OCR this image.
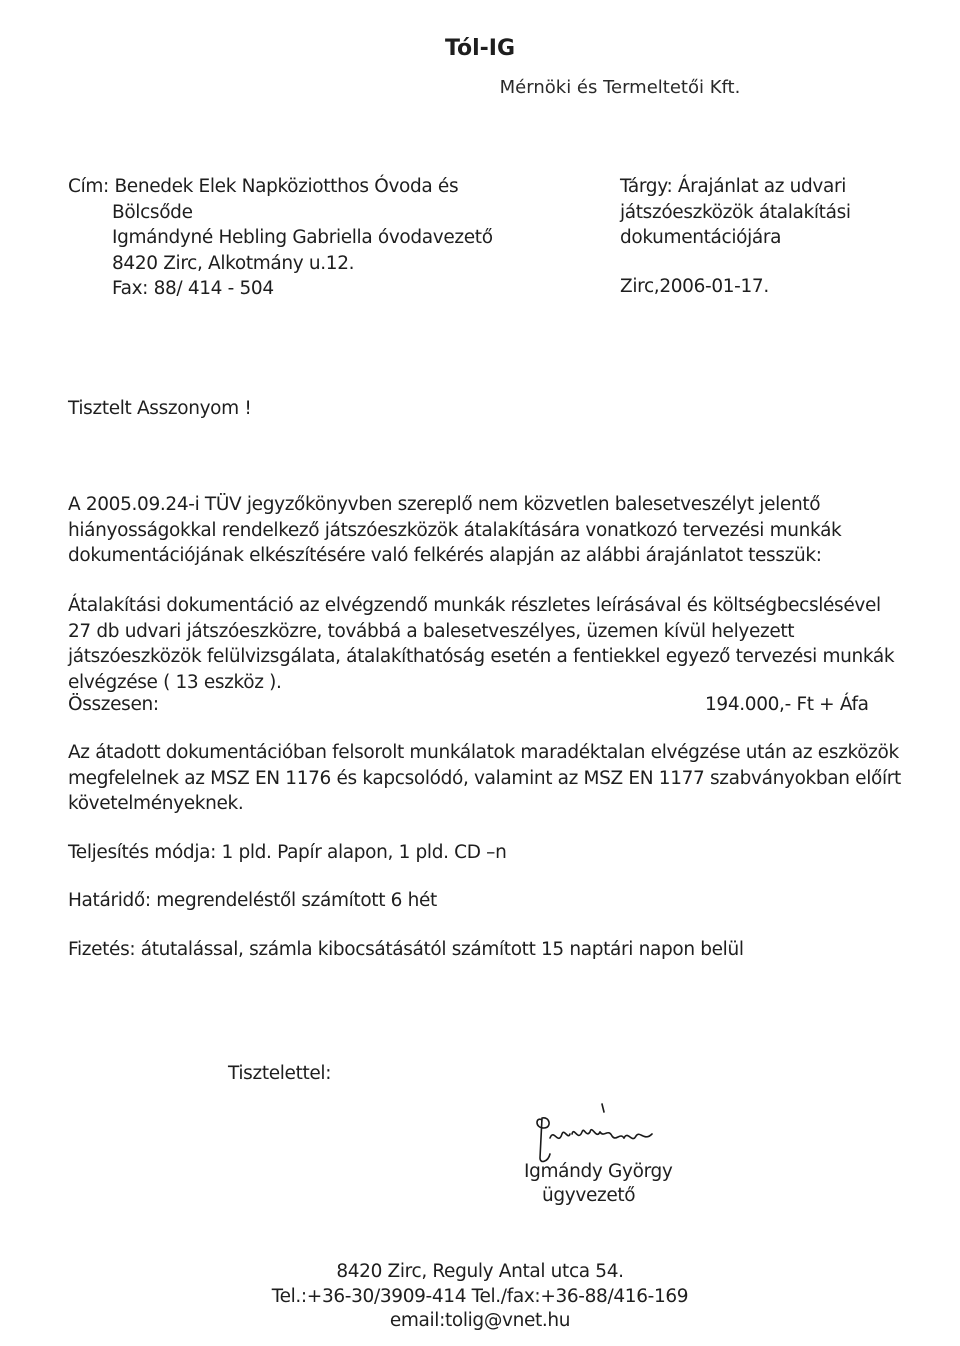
Tól-IG
Mérnöki és Termeltetői Kft.
Cím: Benedek Elek Napköziotthos Óvoda és
Bölcsőde
Igmándyné Hebling Gabriella óvodavezető
8420 Zirc, Alkotmány u.12.
Fax: 88/ 414 - 504
Tárgy: Árajánlat az udvari
játszóeszközök átalakítási
dokumentációjára
Zirc,2006-01-17.
Tisztelt Asszonyom !
A 2005.09.24-i TÜV jegyzőkönyvben szereplő nem közvetlen balesetveszélyt jelentő
hiányosságokkal rendelkező játszóeszközök átalakítására vonatkozó tervezési munkák
dokumentációjának elkészítésére való felkérés alapján az alábbi árajánlatot tesszük:
Átalakítási dokumentáció az elvégzendő munkák részletes leírásával és költségbecslésével
27 db udvari játszóeszközre, továbbá a balesetveszélyes, üzemen kívül helyezett
játszóeszközök felülvizsgálata, átalakíthatóság esetén a fentiekkel egyező tervezési munkák
elvégzése ( 13 eszköz ).
Összesen:	194.000,- Ft + Áfa
Az átadott dokumentációban felsorolt munkálatok maradéktalan elvégzése után az eszközök
megfelelnek az MSZ EN 1176 és kapcsolódó, valamint az MSZ EN 1177 szabványokban előírt
követelményeknek.
Teljesítés módja: 1 pld. Papír alapon, 1 pld. CD –n
Határidő: megrendeléstől számított 6 hét
Fizetés: átutalással, számla kibocsátásától számított 15 naptári napon belül
Tisztelettel:
Igmándy György
ügyvezető
8420 Zirc, Reguly Antal utca 54.
Tel.:+36-30/3909-414 Tel./fax:+36-88/416-169
email:tolig@vnet.hu
